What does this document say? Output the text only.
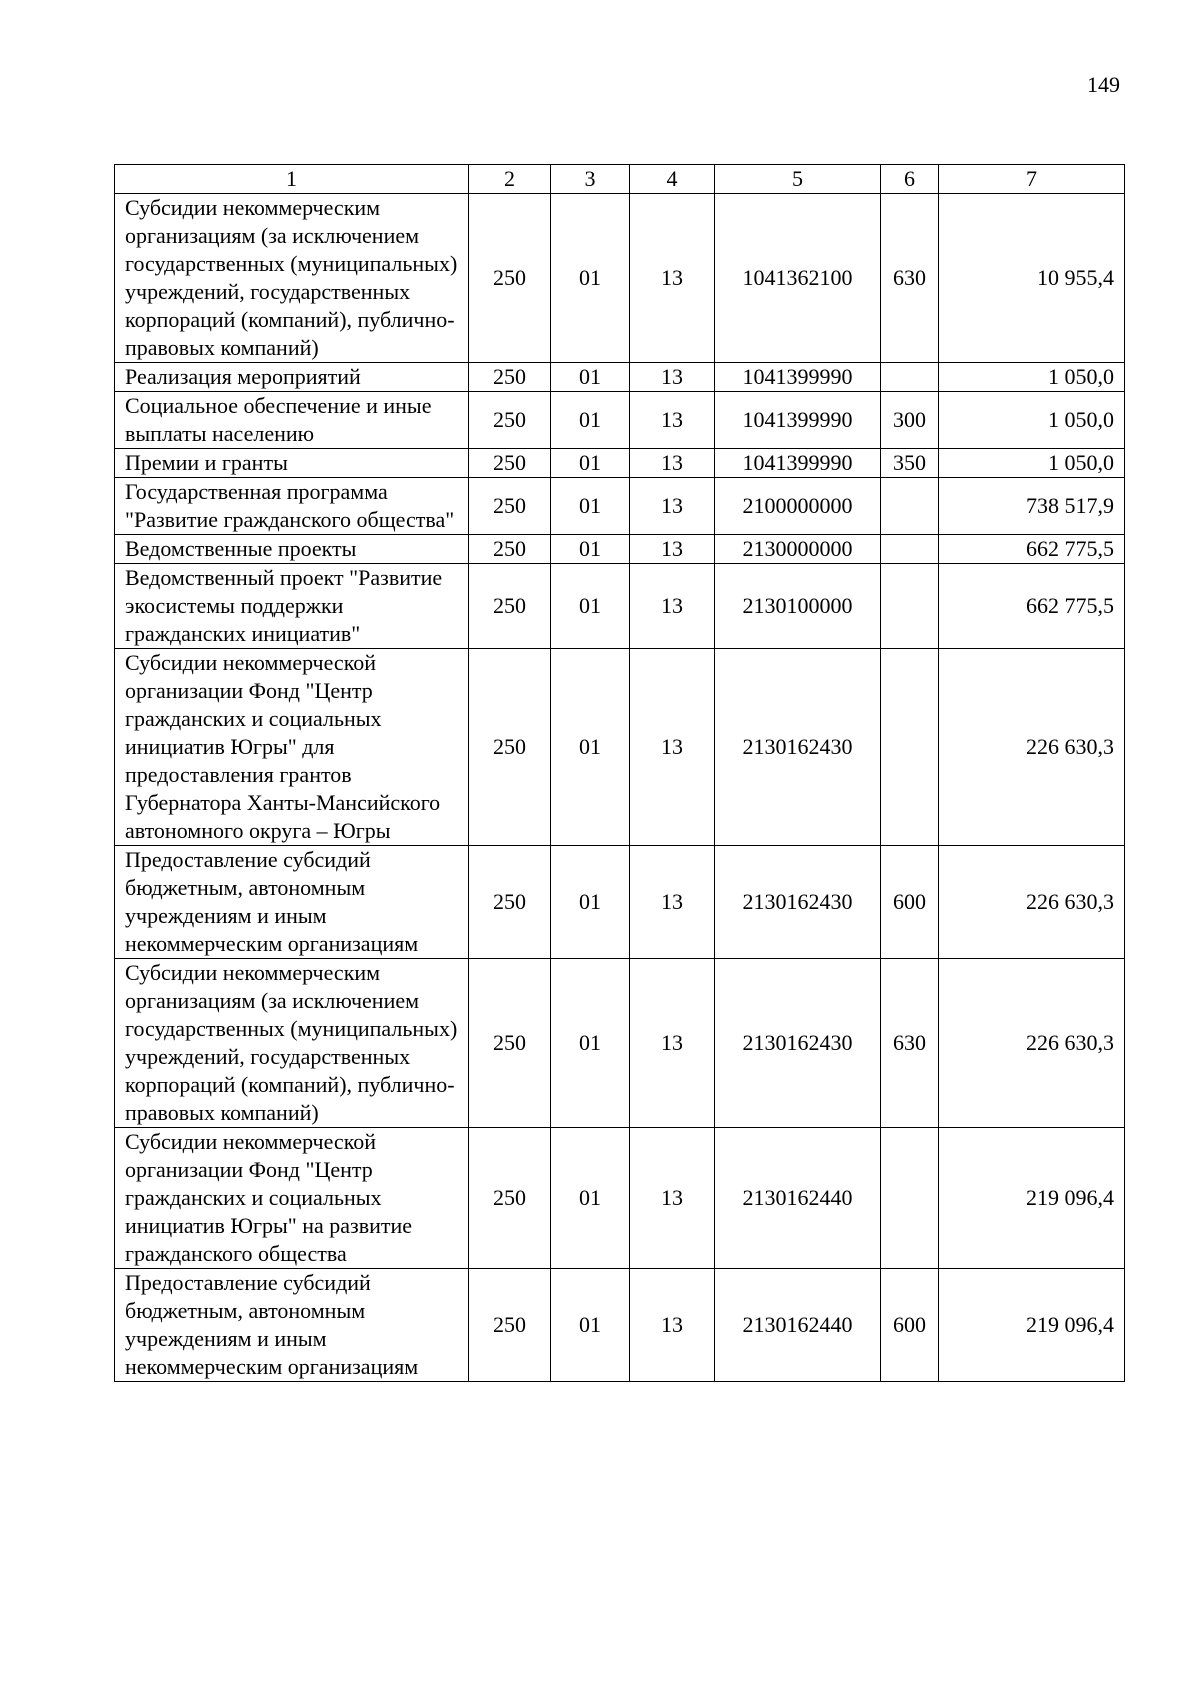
149
1	2	3	4	5	6	7
Субсидии некоммерческим организациям (за исключением государственных (муниципальных) учреждений, государственных корпораций (компаний), публично-правовых компаний)	250	01	13	1041362100	630	10 955,4
Реализация мероприятий	250	01	13	1041399990		1 050,0
Социальное обеспечение и иные выплаты населению	250	01	13	1041399990	300	1 050,0
Премии и гранты	250	01	13	1041399990	350	1 050,0
Государственная программа "Развитие гражданского общества"	250	01	13	2100000000		738 517,9
Ведомственные проекты	250	01	13	2130000000		662 775,5
Ведомственный проект "Развитие экосистемы поддержки гражданских инициатив"	250	01	13	2130100000		662 775,5
Субсидии некоммерческой организации Фонд "Центр гражданских и социальных инициатив Югры" для предоставления грантов Губернатора Ханты-Мансийского автономного округа – Югры	250	01	13	2130162430		226 630,3
Предоставление субсидий бюджетным, автономным учреждениям и иным некоммерческим организациям	250	01	13	2130162430	600	226 630,3
Субсидии некоммерческим организациям (за исключением государственных (муниципальных) учреждений, государственных корпораций (компаний), публично-правовых компаний)	250	01	13	2130162430	630	226 630,3
Субсидии некоммерческой организации Фонд "Центр гражданских и социальных инициатив Югры" на развитие гражданского общества	250	01	13	2130162440		219 096,4
Предоставление субсидий бюджетным, автономным учреждениям и иным некоммерческим организациям	250	01	13	2130162440	600	219 096,4
